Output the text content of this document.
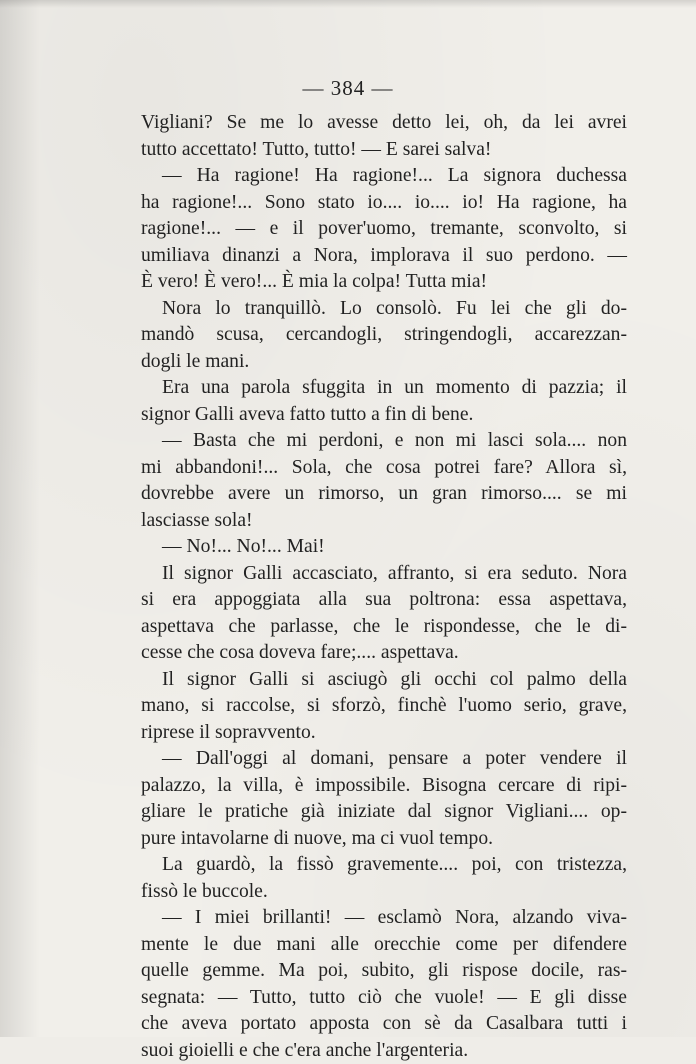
— 384 —

Vigliani? Se me lo avesse detto lei, oh, da lei avrei

tutto accettato! Tutto, tutto! — E sarei salva!

— Ha ragione! Ha ragione!... La signora duchessa

ha ragione!... Sono stato io.... io.... io! Ha ragione, ha

ragione!... — e il pover'uomo, tremante, sconvolto, si

umiliava dinanzi a Nora, implorava il suo perdono. —

È vero! È vero!... È mia la colpa! Tutta mia!

Nora lo tranquillò. Lo consolò. Fu lei che gli do-

mandò scusa, cercandogli, stringendogli, accarezzan-

dogli le mani.

Era una parola sfuggita in un momento di pazzia; il

signor Galli aveva fatto tutto a fin di bene.

— Basta che mi perdoni, e non mi lasci sola.... non

mi abbandoni!... Sola, che cosa potrei fare? Allora sì,

dovrebbe avere un rimorso, un gran rimorso.... se mi

lasciasse sola!

— No!... No!... Mai!

Il signor Galli accasciato, affranto, si era seduto. Nora

si era appoggiata alla sua poltrona: essa aspettava,

aspettava che parlasse, che le rispondesse, che le di-

cesse che cosa doveva fare;.... aspettava.

Il signor Galli si asciugò gli occhi col palmo della

mano, si raccolse, si sforzò, finchè l'uomo serio, grave,

riprese il sopravvento.

— Dall'oggi al domani, pensare a poter vendere il

palazzo, la villa, è impossibile. Bisogna cercare di ripi-

gliare le pratiche già iniziate dal signor Vigliani.... op-

pure intavolarne di nuove, ma ci vuol tempo.

La guardò, la fissò gravemente.... poi, con tristezza,

fissò le buccole.

— I miei brillanti! — esclamò Nora, alzando viva-

mente le due mani alle orecchie come per difendere

quelle gemme. Ma poi, subito, gli rispose docile, ras-

segnata: — Tutto, tutto ciò che vuole! — E gli disse

che aveva portato apposta con sè da Casalbara tutti i

suoi gioielli e che c'era anche l'argenteria.
